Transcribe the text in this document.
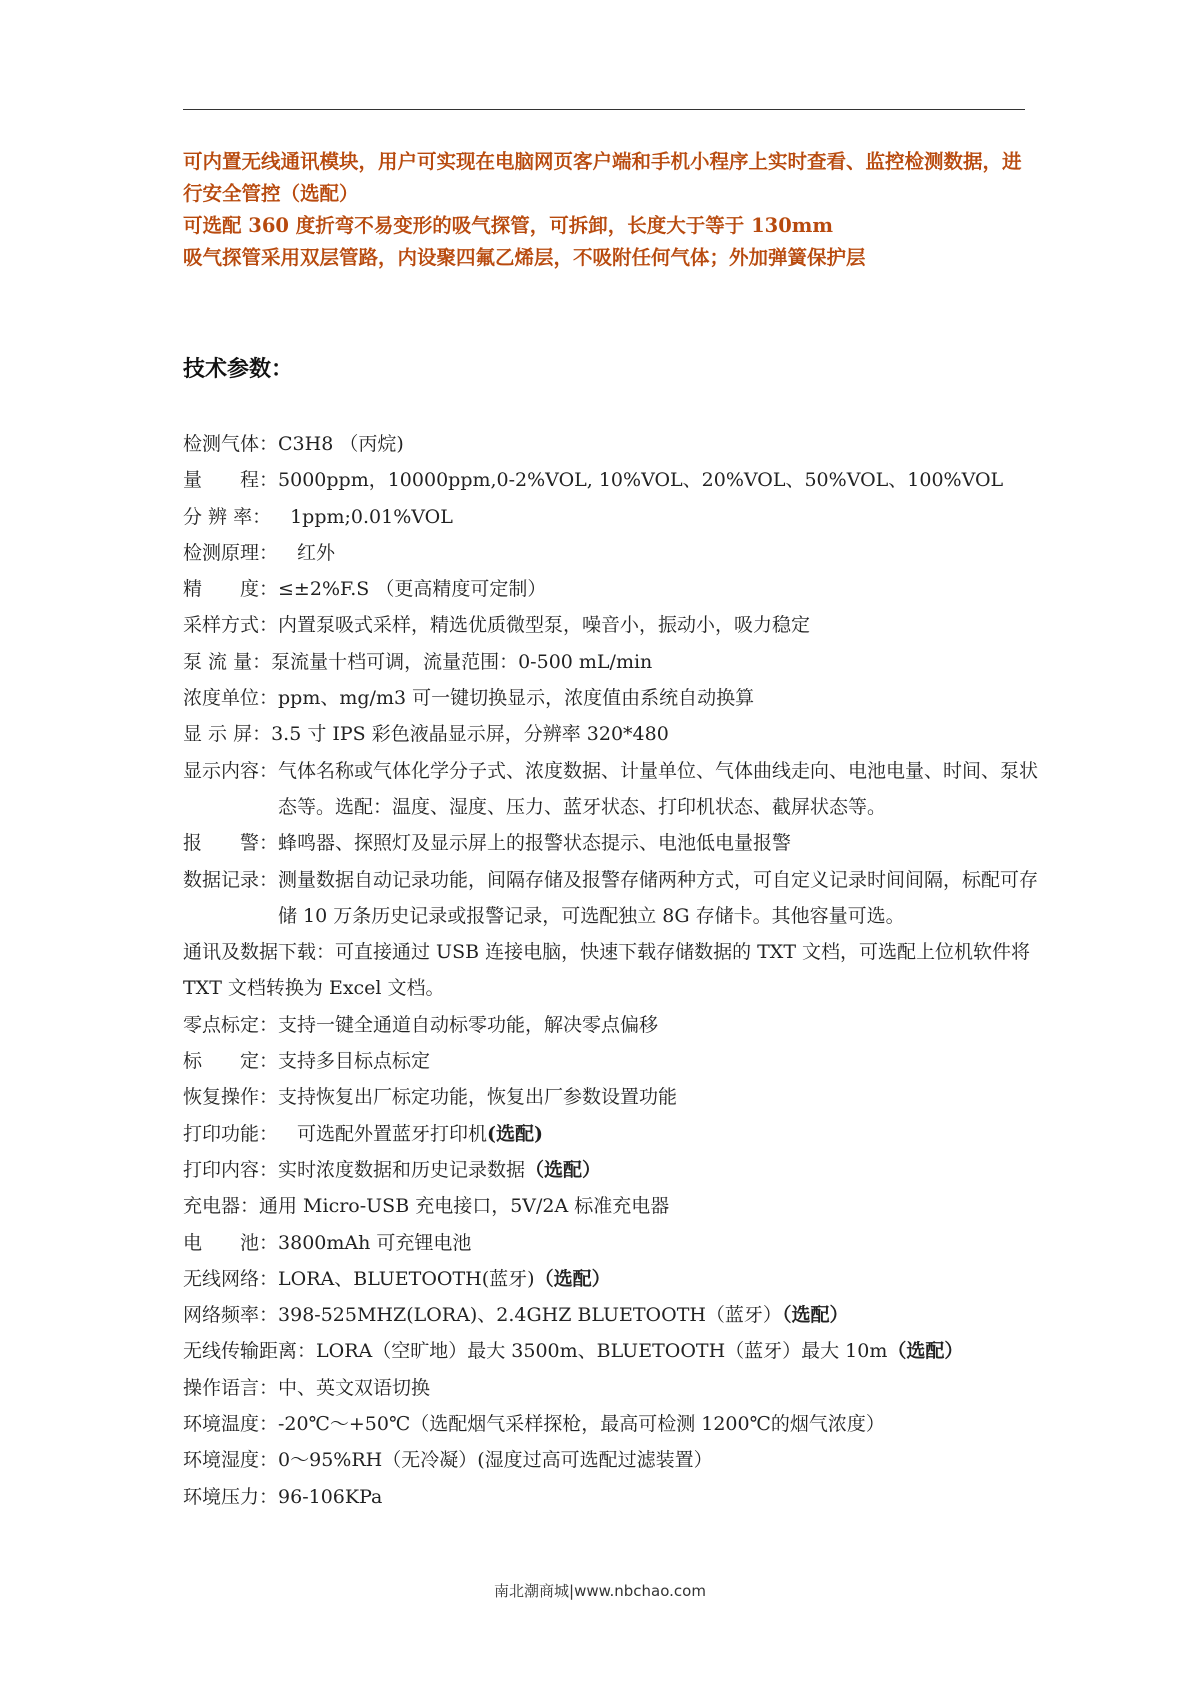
可内置无线通讯模块，用户可实现在电脑网页客户端和手机小程序上实时查看、监控检测数据，进行安全管控（选配）

可选配 360 度折弯不易变形的吸气探管，可拆卸，长度大于等于 130mm

吸气探管采用双层管路，内设聚四氟乙烯层，不吸附任何气体；外加弹簧保护层

技术参数：
检测气体： C3H8 （丙烷)
量　　程： 5000ppm，10000ppm,0-2%VOL, 10%VOL、20%VOL、50%VOL、100%VOL
分 辨 率： 　1ppm;0.01%VOL
检测原理： 　红外
精　　度： ≤±2%F.S （更高精度可定制）
采样方式： 内置泵吸式采样，精选优质微型泵，噪音小，振动小，吸力稳定
泵 流 量： 泵流量十档可调，流量范围：0-500 mL/min
浓度单位： ppm、mg/m3 可一键切换显示，浓度值由系统自动换算
显 示 屏： 3.5 寸 IPS 彩色液晶显示屏，分辨率 320*480
显示内容： 气体名称或气体化学分子式、浓度数据、计量单位、气体曲线走向、电池电量、时间、泵状态等。选配：温度、湿度、压力、蓝牙状态、打印机状态、截屏状态等。
报　　警： 蜂鸣器、探照灯及显示屏上的报警状态提示、电池低电量报警
数据记录： 测量数据自动记录功能，间隔存储及报警存储两种方式，可自定义记录时间间隔，标配可存储 10 万条历史记录或报警记录，可选配独立 8G 存储卡。其他容量可选。
通讯及数据下载：可直接通过 USB 连接电脑，快速下载存储数据的 TXT 文档，可选配上位机软件将 TXT 文档转换为 Excel 文档。
零点标定： 支持一键全通道自动标零功能，解决零点偏移
标　　定： 支持多目标点标定
恢复操作： 支持恢复出厂标定功能，恢复出厂参数设置功能
打印功能： 　可选配外置蓝牙打印机(选配)
打印内容： 实时浓度数据和历史记录数据（选配）
充电器： 通用 Micro-USB 充电接口，5V/2A 标准充电器
电　　池： 3800mAh 可充锂电池
无线网络： LORA、BLUETOOTH(蓝牙)（选配）
网络频率： 398-525MHZ(LORA)、2.4GHZ BLUETOOTH（蓝牙）（选配）
无线传输距离： LORA（空旷地）最大 3500m、BLUETOOTH（蓝牙）最大 10m（选配）
操作语言： 中、英文双语切换
环境温度： -20℃～+50℃（选配烟气采样探枪，最高可检测 1200℃的烟气浓度）
环境湿度： 0～95%RH（无冷凝）(湿度过高可选配过滤装置）
环境压力： 96-106KPa
南北潮商城|www.nbchao.com
